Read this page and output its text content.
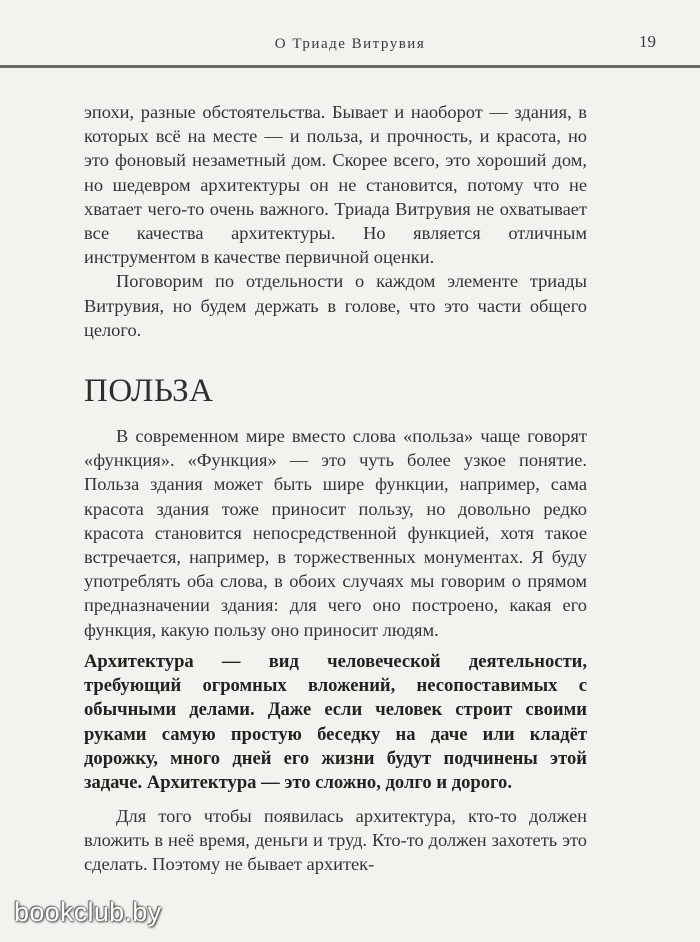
О Триаде Витрувия	19

эпохи, разные обстоятельства. Бывает и наоборот — здания, в которых всё на месте — и польза, и прочность, и красота, но это фоновый незаметный дом. Скорее всего, это хороший дом, но шедевром архитектуры он не становится, потому что не хватает чего-то очень важного. Триада Витрувия не охватывает все качества архитектуры. Но является отличным инструментом в качестве первичной оценки.

Поговорим по отдельности о каждом элементе триады Витрувия, но будем держать в голове, что это части общего целого.

ПОЛЬЗА

В современном мире вместо слова «польза» чаще говорят «функция». «Функция» — это чуть более узкое понятие. Польза здания может быть шире функции, например, сама красота здания тоже приносит пользу, но довольно редко красота становится непосредственной функцией, хотя такое встречается, например, в торжественных монументах. Я буду употреблять оба слова, в обоих случаях мы говорим о прямом предназначении здания: для чего оно построено, какая его функция, какую пользу оно приносит людям.

Архитектура — вид человеческой деятельности, требующий огромных вложений, несопоставимых с обычными делами. Даже если человек строит своими руками самую простую беседку на даче или кладёт дорожку, много дней его жизни будут подчинены этой задаче. Архитектура — это сложно, долго и дорого.

Для того чтобы появилась архитектура, кто-то должен вложить в неё время, деньги и труд. Кто-то должен захотеть это сделать. Поэтому не бывает архитек-

bookclub.by
